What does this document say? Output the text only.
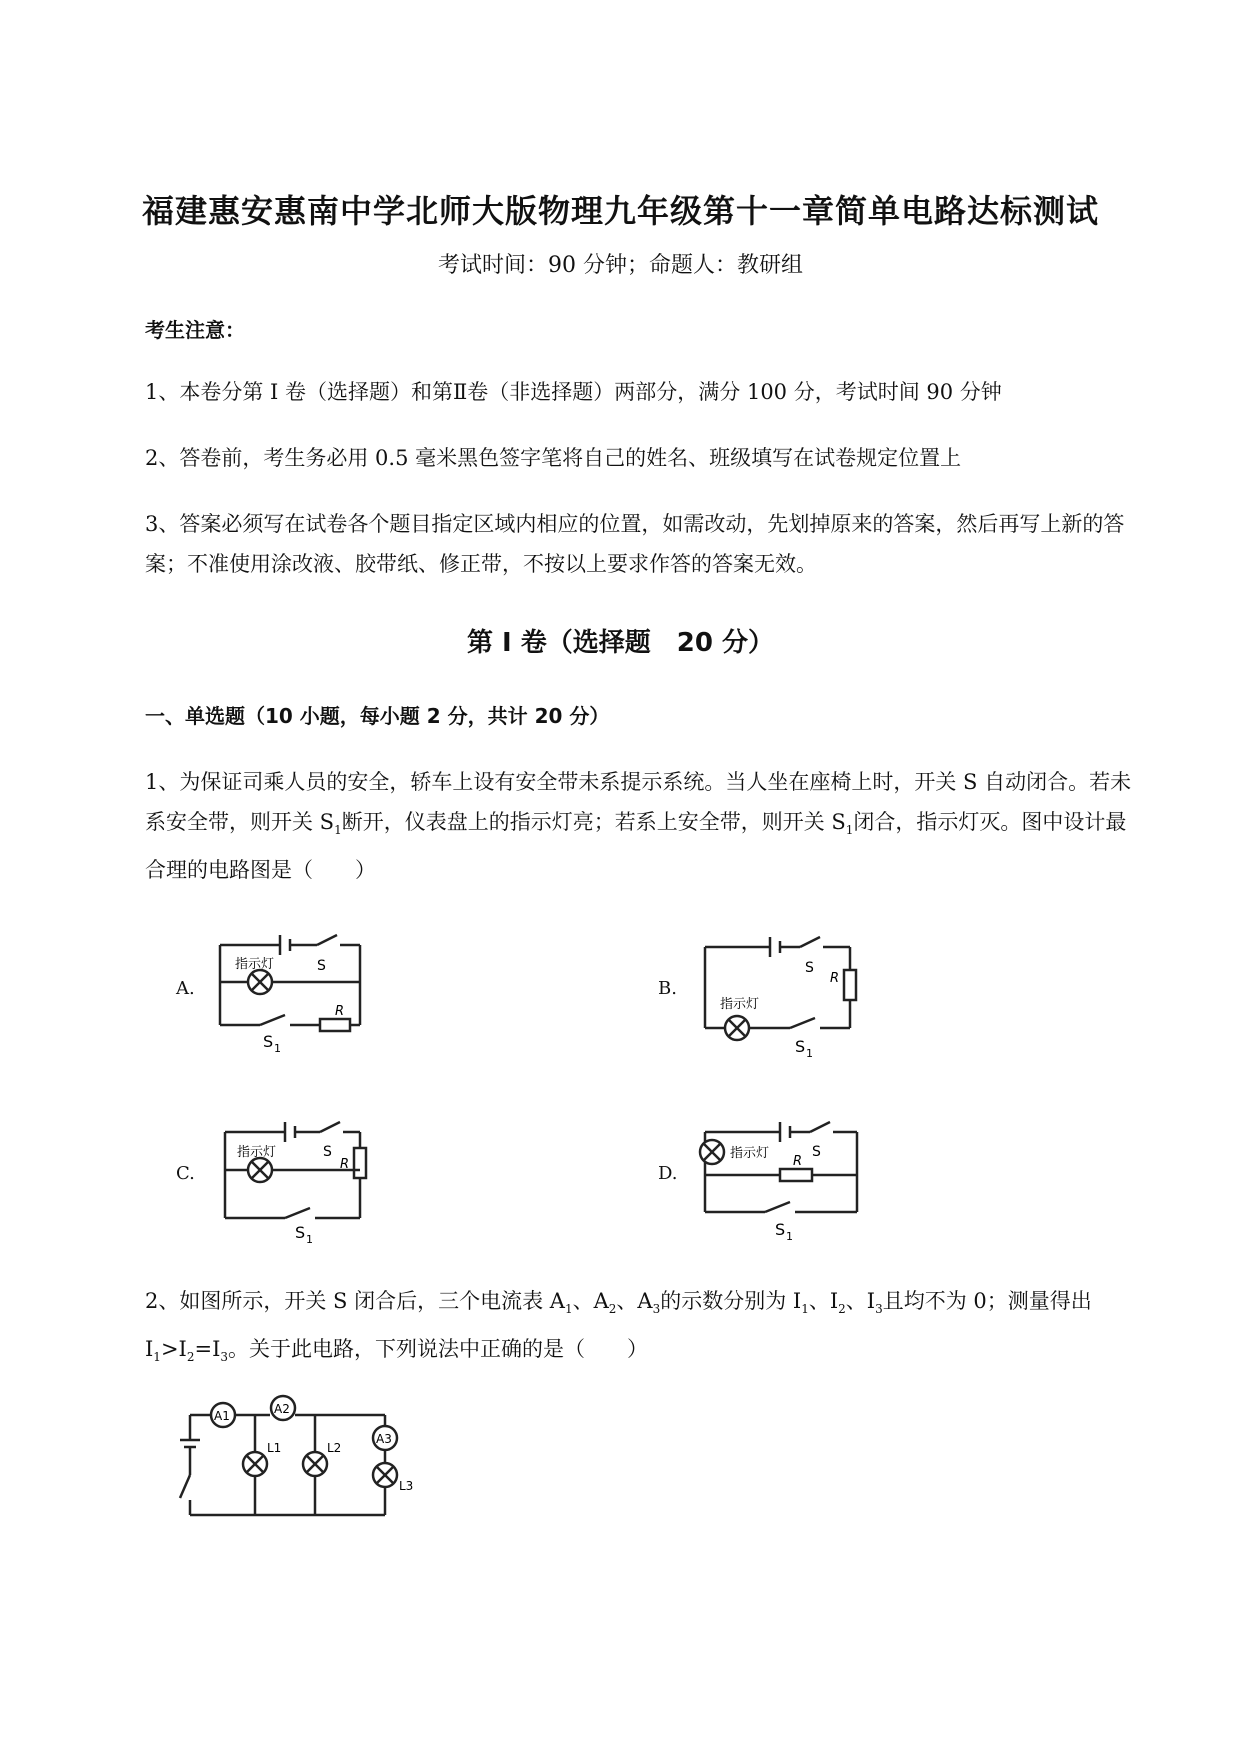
福建惠安惠南中学北师大版物理九年级第十一章简单电路达标测试
考试时间：90 分钟；命题人：教研组
考生注意：
1、本卷分第 I 卷（选择题）和第Ⅱ卷（非选择题）两部分，满分 100 分，考试时间 90 分钟
2、答卷前，考生务必用 0.5 毫米黑色签字笔将自己的姓名、班级填写在试卷规定位置上
3、答案必须写在试卷各个题目指定区域内相应的位置，如需改动，先划掉原来的答案，然后再写上新的答案；不准使用涂改液、胶带纸、修正带，不按以上要求作答的答案无效。
第 I 卷（选择题　20 分）
一、单选题（10 小题，每小题 2 分，共计 20 分）
1、为保证司乘人员的安全，轿车上设有安全带未系提示系统。当人坐在座椅上时，开关 S 自动闭合。若未系安全带，则开关 $S_1$断开，仪表盘上的指示灯亮；若系上安全带，则开关 $S_1$闭合，指示灯灭。图中设计最合理的电路图是（　　）
A.
指示灯	S
R
S 1
B.	R
S
指示灯
S 1
C.
指示灯	S
R
S 1
D.
指示灯	S
R
S 1
2、如图所示，开关 S 闭合后，三个电流表 $A_1$、$A_2$、$A_3$的示数分别为 $I_1$、$I_2$、$I_3$且均不为 0；测量得出 $I_1>I_2=I_3$。关于此电路，下列说法中正确的是（　　）
A1	A2
A3
L1	L2
L3
